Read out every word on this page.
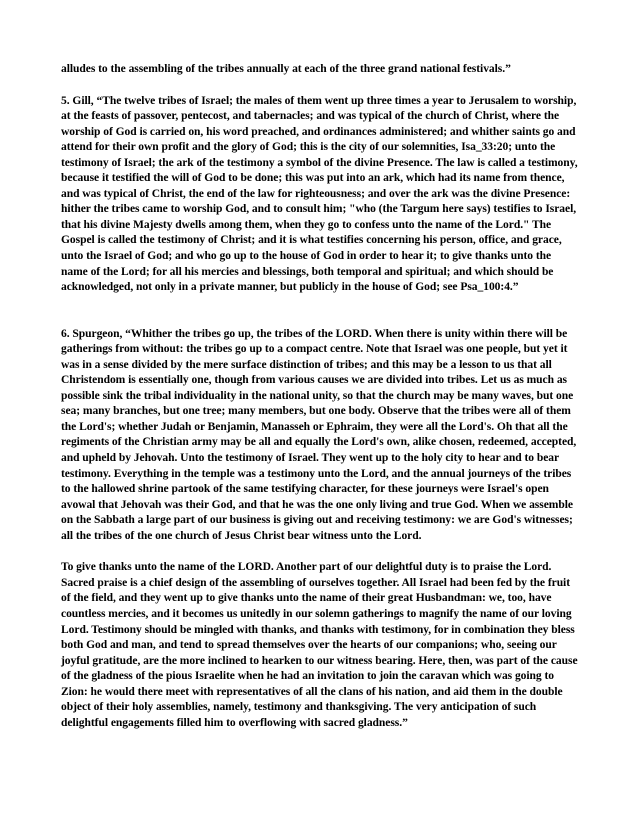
alludes to the assembling of the tribes annually at each of the three grand national festivals.”

5. Gill, “The twelve tribes of Israel; the males of them went up three times a year to Jerusalem to worship, at the feasts of passover, pentecost, and tabernacles; and was typical of the church of Christ, where the worship of God is carried on, his word preached, and ordinances administered; and whither saints go and attend for their own profit and the glory of God; this is the city of our solemnities, Isa_33:20; unto the testimony of Israel; the ark of the testimony a symbol of the divine Presence. The law is called a testimony, because it testified the will of God to be done; this was put into an ark, which had its name from thence, and was typical of Christ, the end of the law for righteousness; and over the ark was the divine Presence: hither the tribes came to worship God, and to consult him; "who (the Targum here says) testifies to Israel, that his divine Majesty dwells among them, when they go to confess unto the name of the Lord." The Gospel is called the testimony of Christ; and it is what testifies concerning his person, office, and grace, unto the Israel of God; and who go up to the house of God in order to hear it; to give thanks unto the name of the Lord; for all his mercies and blessings, both temporal and spiritual; and which should be acknowledged, not only in a private manner, but publicly in the house of God; see Psa_100:4.”

6. Spurgeon, “Whither the tribes go up, the tribes of the LORD. When there is unity within there will be gatherings from without: the tribes go up to a compact centre. Note that Israel was one people, but yet it was in a sense divided by the mere surface distinction of tribes; and this may be a lesson to us that all Christendom is essentially one, though from various causes we are divided into tribes. Let us as much as possible sink the tribal individuality in the national unity, so that the church may be many waves, but one sea; many branches, but one tree; many members, but one body. Observe that the tribes were all of them the Lord's; whether Judah or Benjamin, Manasseh or Ephraim, they were all the Lord's. Oh that all the regiments of the Christian army may be all and equally the Lord's own, alike chosen, redeemed, accepted, and upheld by Jehovah. Unto the testimony of Israel. They went up to the holy city to hear and to bear testimony. Everything in the temple was a testimony unto the Lord, and the annual journeys of the tribes to the hallowed shrine partook of the same testifying character, for these journeys were Israel's open avowal that Jehovah was their God, and that he was the one only living and true God. When we assemble on the Sabbath a large part of our business is giving out and receiving testimony: we are God's witnesses; all the tribes of the one church of Jesus Christ bear witness unto the Lord.

To give thanks unto the name of the LORD. Another part of our delightful duty is to praise the Lord. Sacred praise is a chief design of the assembling of ourselves together. All Israel had been fed by the fruit of the field, and they went up to give thanks unto the name of their great Husbandman: we, too, have countless mercies, and it becomes us unitedly in our solemn gatherings to magnify the name of our loving Lord. Testimony should be mingled with thanks, and thanks with testimony, for in combination they bless both God and man, and tend to spread themselves over the hearts of our companions; who, seeing our joyful gratitude, are the more inclined to hearken to our witness bearing. Here, then, was part of the cause of the gladness of the pious Israelite when he had an invitation to join the caravan which was going to Zion: he would there meet with representatives of all the clans of his nation, and aid them in the double object of their holy assemblies, namely, testimony and thanksgiving. The very anticipation of such delightful engagements filled him to overflowing with sacred gladness.”
